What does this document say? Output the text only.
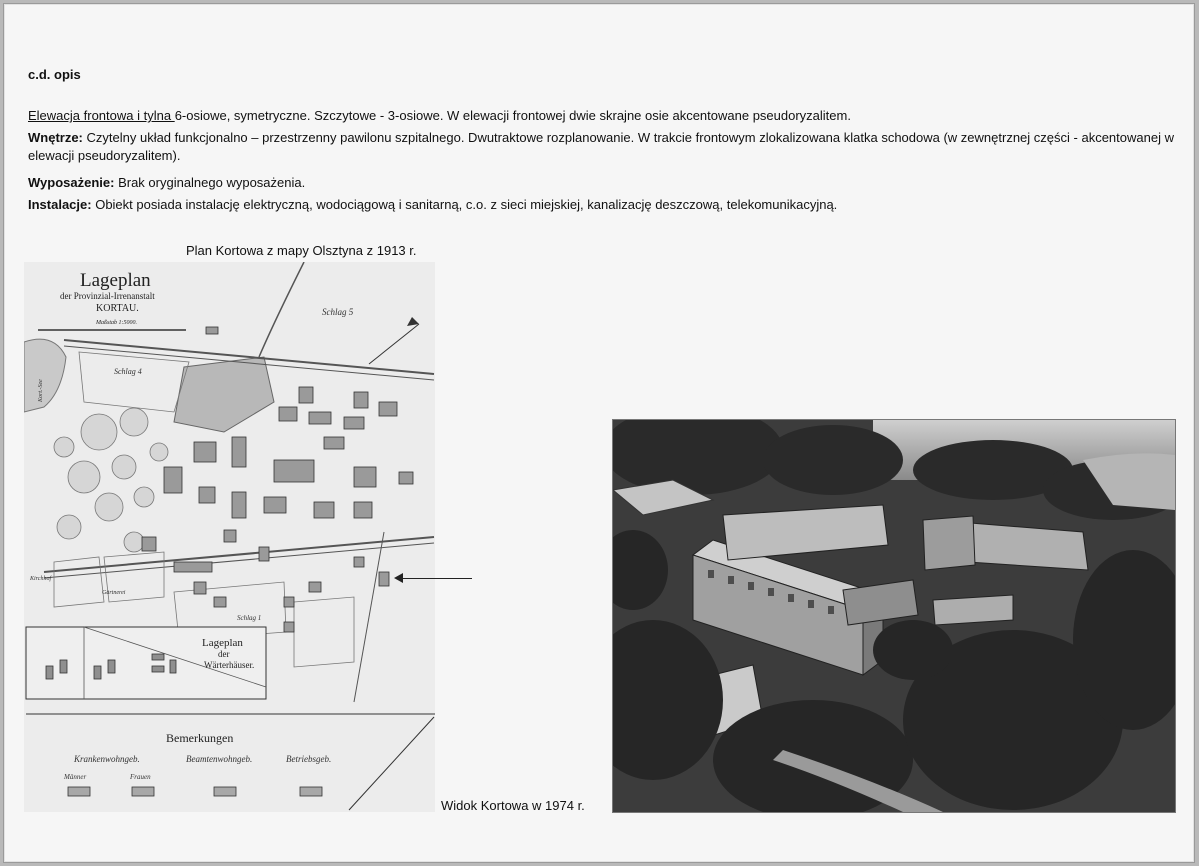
c.d. opis
Elewacja frontowa i tylna 6-osiowe, symetryczne. Szczytowe - 3-osiowe. W elewacji frontowej dwie skrajne osie akcentowane pseudoryzalitem.
Wnętrze: Czytelny układ funkcjonalno – przestrzenny pawilonu szpitalnego. Dwutraktowe rozplanowanie. W trakcie frontowym zlokalizowana klatka schodowa (w zewnętrznej części - akcentowanej w elewacji pseudoryzalitem).
Wyposażenie: Brak oryginalnego wyposażenia.
Instalacje: Obiekt posiada instalację elektryczną, wodociągową i sanitarną, c.o. z sieci miejskiej, kanalizację deszczową, telekomunikacyjną.
Plan Kortowa z mapy Olsztyna z 1913 r.
Lageplan
der Provinzial-Irrenanstalt
KORTAU.
Maßstab 1:5000.
Schlag 5
Schlag 4
Schlag 1
Kirchhof
Gärtnerei
Kort.-See
Lageplan
der
Wärterhäuser.
Bemerkungen
Krankenwohngeb.	Beamtenwohngeb.	Betriebsgeb.
Männer	Frauen
Widok Kortowa w 1974 r.
